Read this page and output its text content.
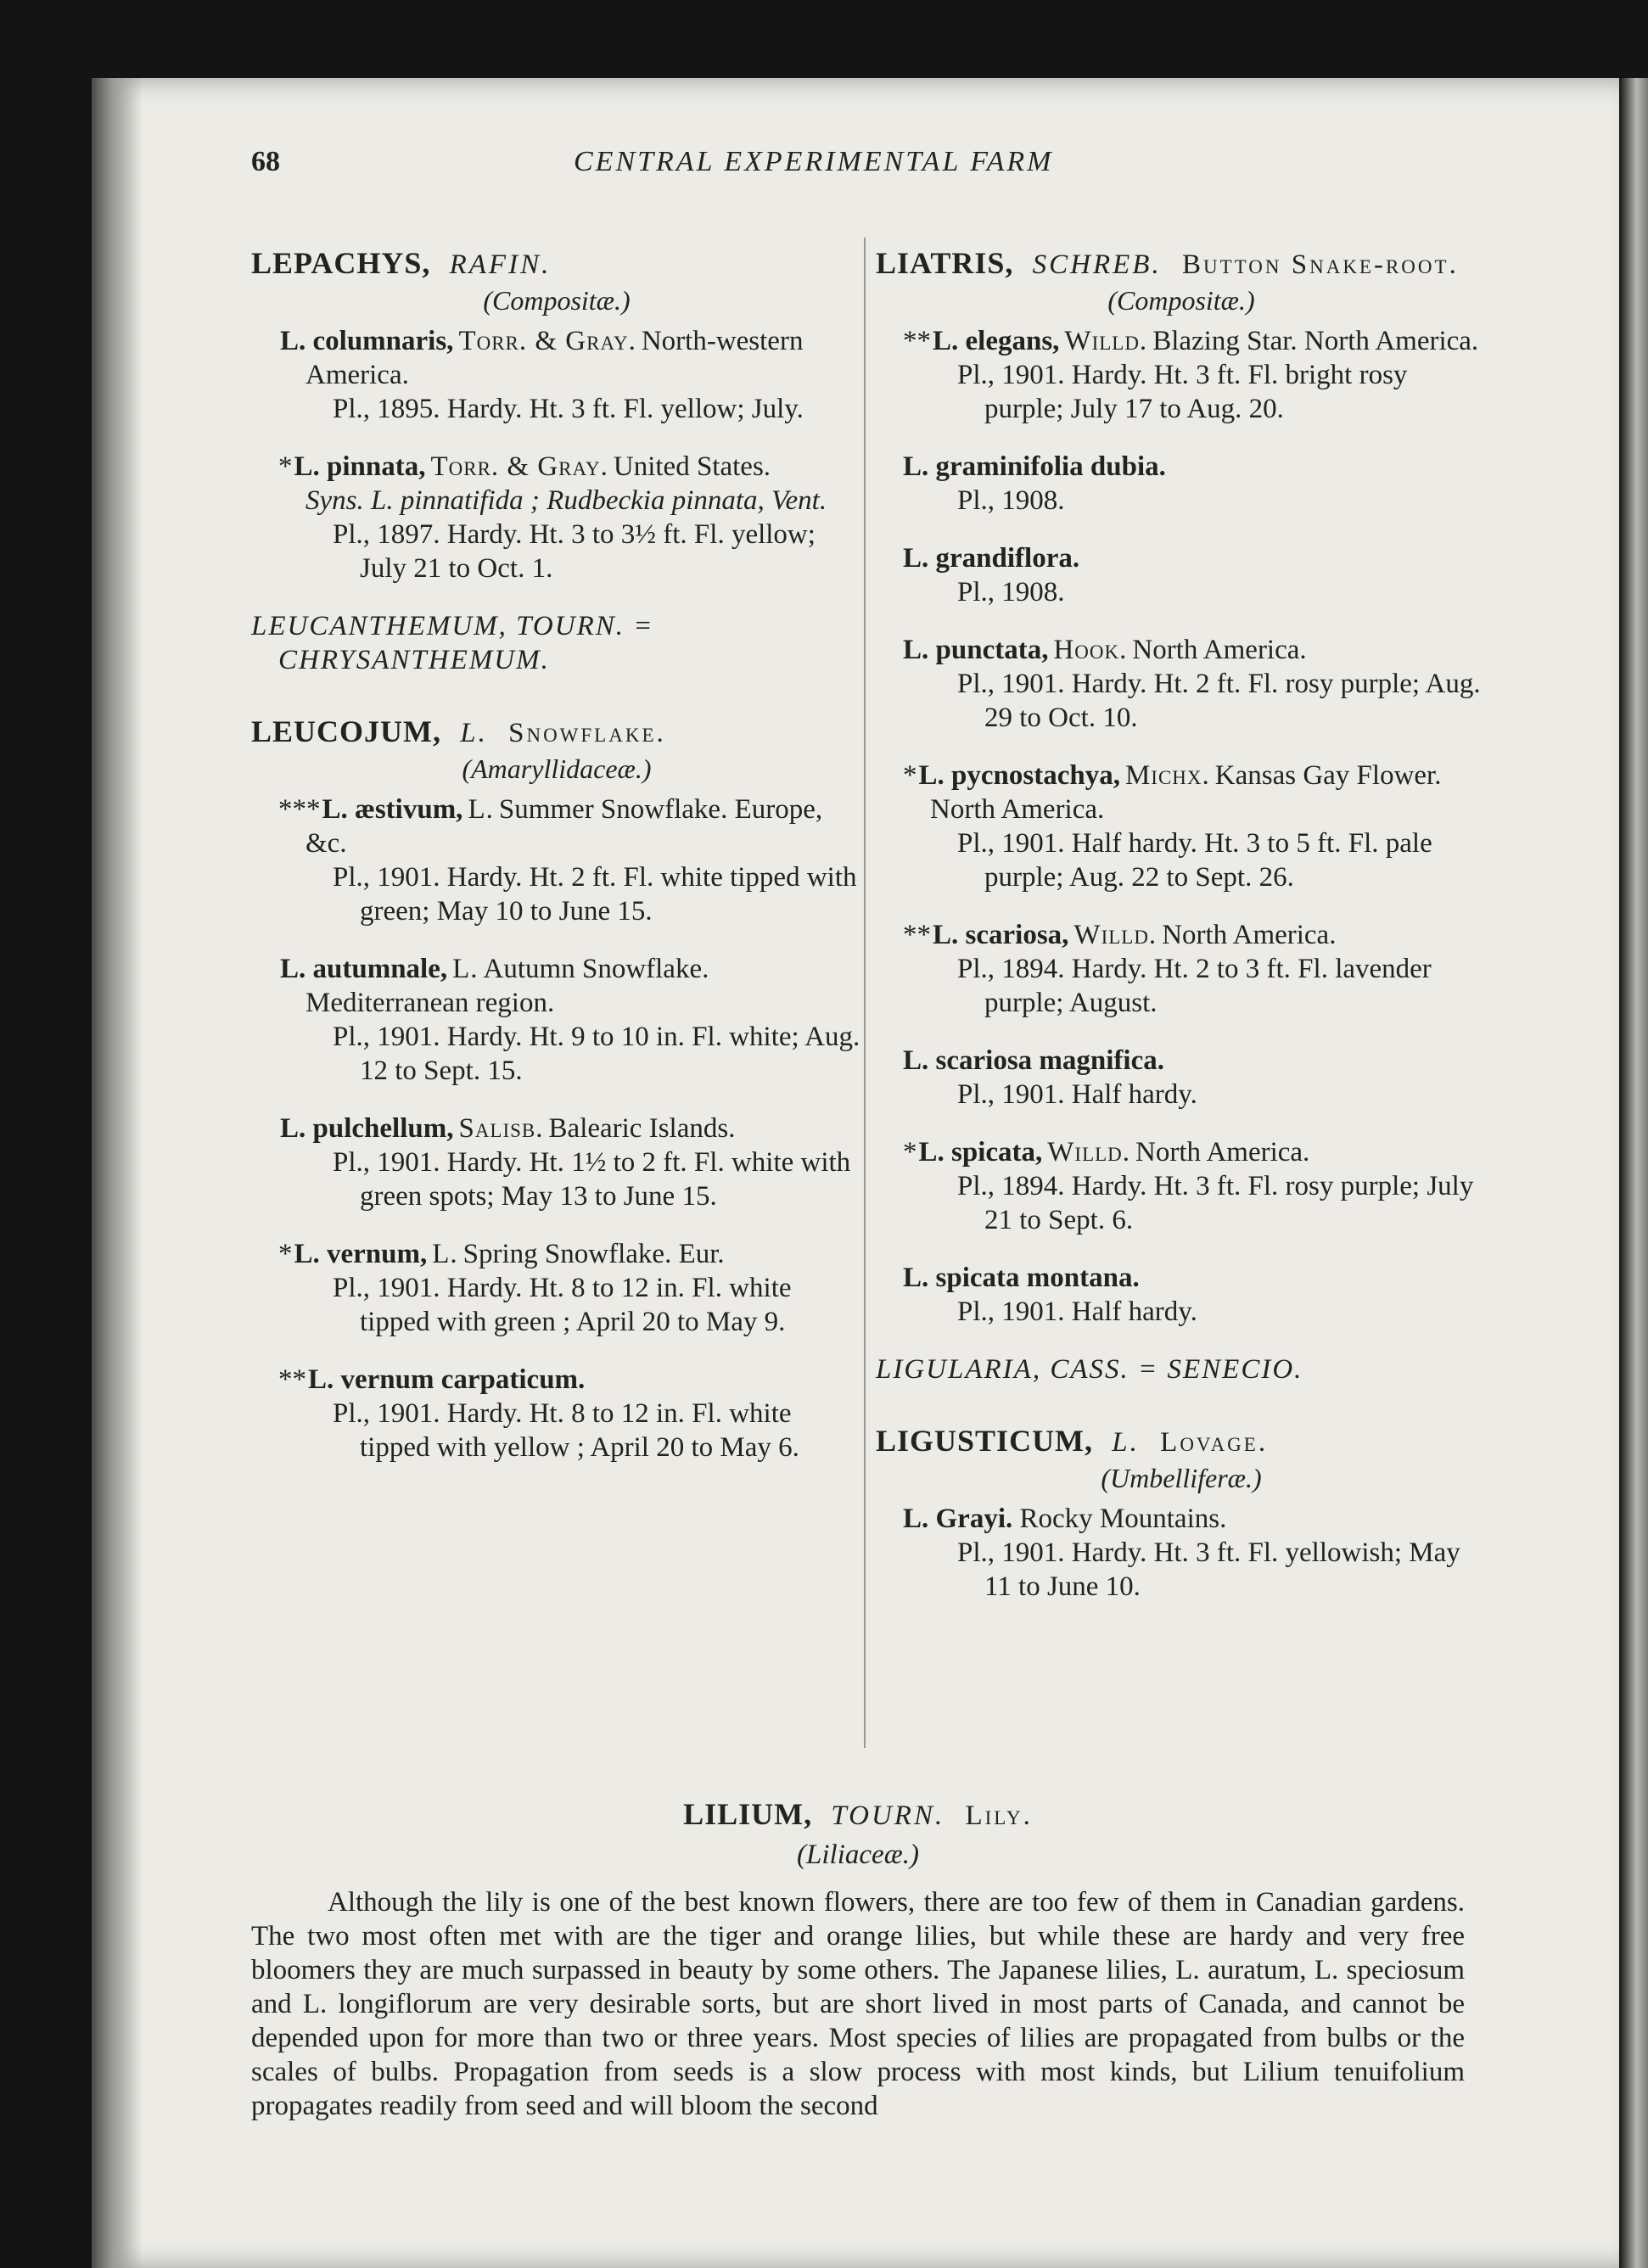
68	CENTRAL EXPERIMENTAL FARM

LEPACHYS, RAFIN.

(Compositæ.)

L. columnaris, Torr. & Gray. North-western America.

Pl., 1895. Hardy. Ht. 3 ft. Fl. yellow; July.

*L. pinnata, Torr. & Gray. United States.

Syns. L. pinnatifida ; Rudbeckia pinnata, Vent.

Pl., 1897. Hardy. Ht. 3 to 3½ ft. Fl. yellow; July 21 to Oct. 1.

LEUCANTHEMUM, TOURN. = CHRYSANTHEMUM.

LEUCOJUM, L. Snowflake.

(Amaryllidaceæ.)

***L. æstivum, L. Summer Snowflake. Europe, &c.

Pl., 1901. Hardy. Ht. 2 ft. Fl. white tipped with green; May 10 to June 15.

L. autumnale, L. Autumn Snowflake. Mediterranean region.

Pl., 1901. Hardy. Ht. 9 to 10 in. Fl. white; Aug. 12 to Sept. 15.

L. pulchellum, Salisb. Balearic Islands.

Pl., 1901. Hardy. Ht. 1½ to 2 ft. Fl. white with green spots; May 13 to June 15.

*L. vernum, L. Spring Snowflake. Eur.

Pl., 1901. Hardy. Ht. 8 to 12 in. Fl. white tipped with green ; April 20 to May 9.

**L. vernum carpaticum.

Pl., 1901. Hardy. Ht. 8 to 12 in. Fl. white tipped with yellow ; April 20 to May 6.

LIATRIS, SCHREB. Button Snake-root.

(Compositæ.)

**L. elegans, Willd. Blazing Star. North America.

Pl., 1901. Hardy. Ht. 3 ft. Fl. bright rosy purple; July 17 to Aug. 20.

L. graminifolia dubia.

Pl., 1908.

L. grandiflora.

Pl., 1908.

L. punctata, Hook. North America.

Pl., 1901. Hardy. Ht. 2 ft. Fl. rosy purple; Aug. 29 to Oct. 10.

*L. pycnostachya, Michx. Kansas Gay Flower. North America.

Pl., 1901. Half hardy. Ht. 3 to 5 ft. Fl. pale purple; Aug. 22 to Sept. 26.

**L. scariosa, Willd. North America.

Pl., 1894. Hardy. Ht. 2 to 3 ft. Fl. lavender purple; August.

L. scariosa magnifica.

Pl., 1901. Half hardy.

*L. spicata, Willd. North America.

Pl., 1894. Hardy. Ht. 3 ft. Fl. rosy purple; July 21 to Sept. 6.

L. spicata montana.

Pl., 1901. Half hardy.

LIGULARIA, CASS. = SENECIO.

LIGUSTICUM, L. Lovage.

(Umbelliferæ.)

L. Grayi. Rocky Mountains.

Pl., 1901. Hardy. Ht. 3 ft. Fl. yellowish; May 11 to June 10.

LILIUM, TOURN. Lily.

(Liliaceæ.)

Although the lily is one of the best known flowers, there are too few of them in Canadian gardens. The two most often met with are the tiger and orange lilies, but while these are hardy and very free bloomers they are much surpassed in beauty by some others. The Japanese lilies, L. auratum, L. speciosum and L. longiflorum are very desirable sorts, but are short lived in most parts of Canada, and cannot be depended upon for more than two or three years. Most species of lilies are propagated from bulbs or the scales of bulbs. Propagation from seeds is a slow process with most kinds, but Lilium tenuifolium propagates readily from seed and will bloom the second
